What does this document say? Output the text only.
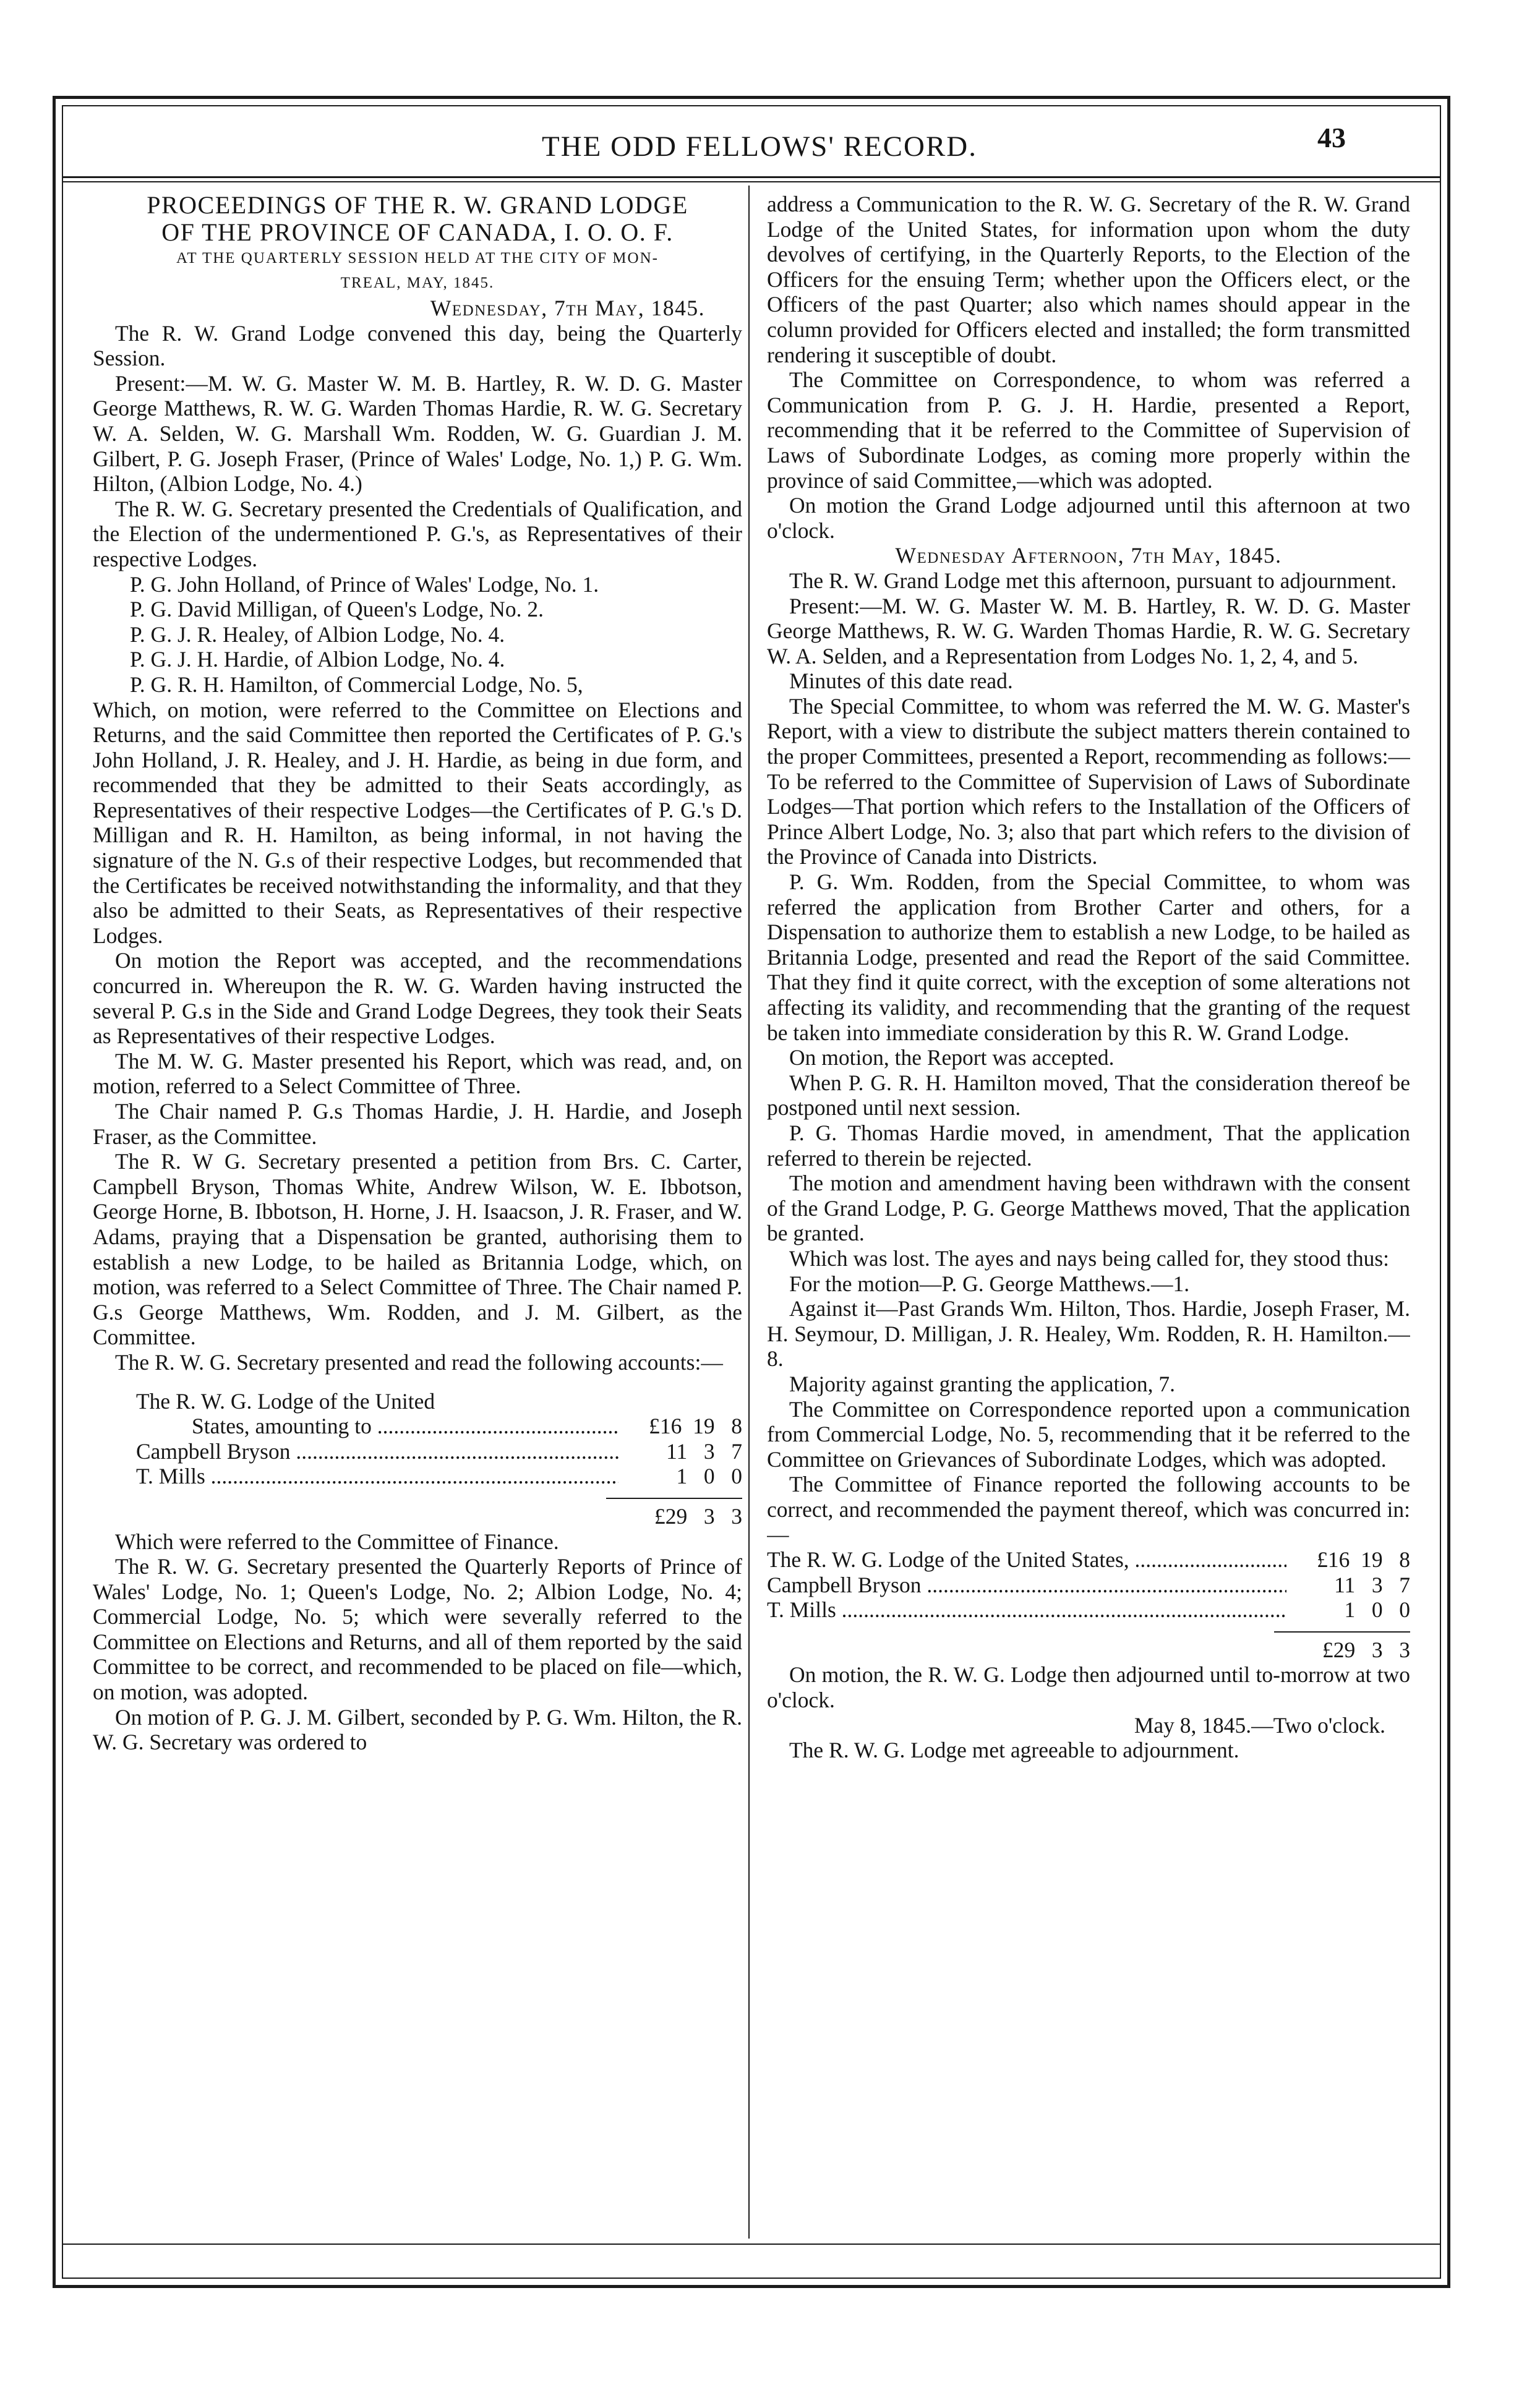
THE ODD FELLOWS' RECORD.	43
PROCEEDINGS OF THE R. W. GRAND LODGE
OF THE PROVINCE OF CANADA, I. O. O. F.
AT THE QUARTERLY SESSION HELD AT THE CITY OF MON-
TREAL, MAY, 1845.
Wednesday, 7th May, 1845.

The R. W. Grand Lodge convened this day, being the Quarterly Session.

Present:—M. W. G. Master W. M. B. Hartley, R. W. D. G. Master George Matthews, R. W. G. Warden Thomas Hardie, R. W. G. Secretary W. A. Selden, W. G. Marshall Wm. Rodden, W. G. Guardian J. M. Gilbert, P. G. Joseph Fraser, (Prince of Wales' Lodge, No. 1,) P. G. Wm. Hilton, (Albion Lodge, No. 4.)

The R. W. G. Secretary presented the Credentials of Qualification, and the Election of the undermentioned P. G.'s, as Representatives of their respective Lodges.

P. G. John Holland, of Prince of Wales' Lodge, No. 1.
P. G. David Milligan, of Queen's Lodge, No. 2.
P. G. J. R. Healey, of Albion Lodge, No. 4.
P. G. J. H. Hardie, of Albion Lodge, No. 4.
P. G. R. H. Hamilton, of Commercial Lodge, No. 5,

Which, on motion, were referred to the Committee on Elections and Returns, and the said Committee then reported the Certificates of P. G.'s John Holland, J. R. Healey, and J. H. Hardie, as being in due form, and recommended that they be admitted to their Seats accordingly, as Representatives of their respective Lodges—the Certificates of P. G.'s D. Milligan and R. H. Hamilton, as being informal, in not having the signature of the N. G.s of their respective Lodges, but recommended that the Certificates be received notwithstanding the informality, and that they also be admitted to their Seats, as Representatives of their respective Lodges.

On motion the Report was accepted, and the recommendations concurred in. Whereupon the R. W. G. Warden having instructed the several P. G.s in the Side and Grand Lodge Degrees, they took their Seats as Representatives of their respective Lodges.

The M. W. G. Master presented his Report, which was read, and, on motion, referred to a Select Committee of Three.

The Chair named P. G.s Thomas Hardie, J. H. Hardie, and Joseph Fraser, as the Committee.

The R. W G. Secretary presented a petition from Brs. C. Carter, Campbell Bryson, Thomas White, Andrew Wilson, W. E. Ibbotson, George Horne, B. Ibbotson, H. Horne, J. H. Isaacson, J. R. Fraser, and W. Adams, praying that a Dispensation be granted, authorising them to establish a new Lodge, to be hailed as Britannia Lodge, which, on motion, was referred to a Select Committee of Three. The Chair named P. G.s George Matthews, Wm. Rodden, and J. M. Gilbert, as the Committee.

The R. W. G. Secretary presented and read the following accounts:—

The R. W. G. Lodge of the United
States, amounting to .....	£16  19   8
Campbell Bryson .....	11   3   7
T. Mills .....	1   0   0
£29   3   3

Which were referred to the Committee of Finance.

The R. W. G. Secretary presented the Quarterly Reports of Prince of Wales' Lodge, No. 1; Queen's Lodge, No. 2; Albion Lodge, No. 4; Commercial Lodge, No. 5; which were severally referred to the Committee on Elections and Returns, and all of them reported by the said Committee to be correct, and recommended to be placed on file—which, on motion, was adopted.

On motion of P. G. J. M. Gilbert, seconded by P. G. Wm. Hilton, the R. W. G. Secretary was ordered to

address a Communication to the R. W. G. Secretary of the R. W. Grand Lodge of the United States, for information upon whom the duty devolves of certifying, in the Quarterly Reports, to the Election of the Officers for the ensuing Term; whether upon the Officers elect, or the Officers of the past Quarter; also which names should appear in the column provided for Officers elected and installed; the form transmitted rendering it susceptible of doubt.

The Committee on Correspondence, to whom was referred a Communication from P. G. J. H. Hardie, presented a Report, recommending that it be referred to the Committee of Supervision of Laws of Subordinate Lodges, as coming more properly within the province of said Committee,—which was adopted.

On motion the Grand Lodge adjourned until this afternoon at two o'clock.

Wednesday Afternoon, 7th May, 1845.

The R. W. Grand Lodge met this afternoon, pursuant to adjournment.

Present:—M. W. G. Master W. M. B. Hartley, R. W. D. G. Master George Matthews, R. W. G. Warden Thomas Hardie, R. W. G. Secretary W. A. Selden, and a Representation from Lodges No. 1, 2, 4, and 5.

Minutes of this date read.

The Special Committee, to whom was referred the M. W. G. Master's Report, with a view to distribute the subject matters therein contained to the proper Committees, presented a Report, recommending as follows:—To be referred to the Committee of Supervision of Laws of Subordinate Lodges—That portion which refers to the Installation of the Officers of Prince Albert Lodge, No. 3; also that part which refers to the division of the Province of Canada into Districts.

P. G. Wm. Rodden, from the Special Committee, to whom was referred the application from Brother Carter and others, for a Dispensation to authorize them to establish a new Lodge, to be hailed as Britannia Lodge, presented and read the Report of the said Committee. That they find it quite correct, with the exception of some alterations not affecting its validity, and recommending that the granting of the request be taken into immediate consideration by this R. W. Grand Lodge.

On motion, the Report was accepted.

When P. G. R. H. Hamilton moved, That the consideration thereof be postponed until next session.

P. G. Thomas Hardie moved, in amendment, That the application referred to therein be rejected.

The motion and amendment having been withdrawn with the consent of the Grand Lodge, P. G. George Matthews moved, That the application be granted.

Which was lost. The ayes and nays being called for, they stood thus:

For the motion—P. G. George Matthews.—1.

Against it—Past Grands Wm. Hilton, Thos. Hardie, Joseph Fraser, M. H. Seymour, D. Milligan, J. R. Healey, Wm. Rodden, R. H. Hamilton.—8.

Majority against granting the application, 7.

The Committee on Correspondence reported upon a communication from Commercial Lodge, No. 5, recommending that it be referred to the Committee on Grievances of Subordinate Lodges, which was adopted.

The Committee of Finance reported the following accounts to be correct, and recommended the payment thereof, which was concurred in:—

The R. W. G. Lodge of the United States, .....	£16  19   8
Campbell Bryson .....	11   3   7
T. Mills .....	1   0   0
£29   3   3

On motion, the R. W. G. Lodge then adjourned until to-morrow at two o'clock.

May 8, 1845.—Two o'clock.

The R. W. G. Lodge met agreeable to adjournment.
